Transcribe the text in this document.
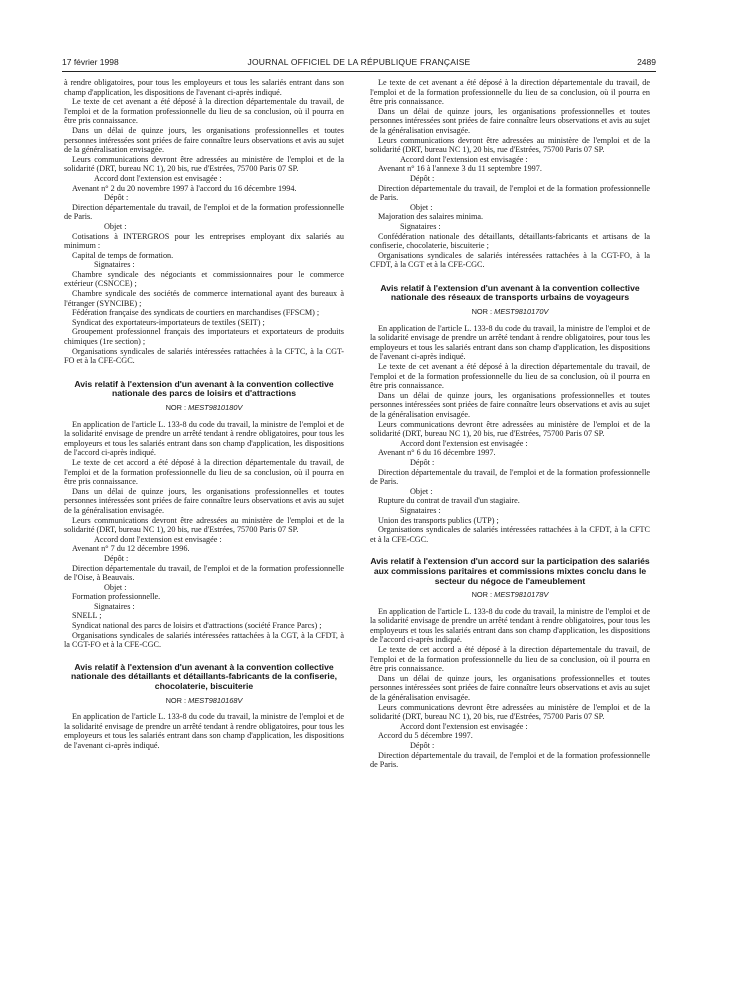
17 février 1998	JOURNAL OFFICIEL DE LA RÉPUBLIQUE FRANÇAISE	2489

à rendre obligatoires, pour tous les employeurs et tous les salariés entrant dans son champ d'application, les dispositions de l'avenant ci-après indiqué.

Le texte de cet avenant a été déposé à la direction départementale du travail, de l'emploi et de la formation professionnelle du lieu de sa conclusion, où il pourra en être pris connaissance.

Dans un délai de quinze jours, les organisations professionnelles et toutes personnes intéressées sont priées de faire connaître leurs observations et avis au sujet de la généralisation envisagée.

Leurs communications devront être adressées au ministère de l'emploi et de la solidarité (DRT, bureau NC 1), 20 bis, rue d'Estrées, 75700 Paris 07 SP.

Accord dont l'extension est envisagée :

Avenant n° 2 du 20 novembre 1997 à l'accord du 16 décembre 1994.

Dépôt :

Direction départementale du travail, de l'emploi et de la formation professionnelle de Paris.

Objet :

Cotisations à INTERGROS pour les entreprises employant dix salariés au minimum :

Capital de temps de formation.

Signataires :

Chambre syndicale des négociants et commissionnaires pour le commerce extérieur (CSNCCE) ;

Chambre syndicale des sociétés de commerce international ayant des bureaux à l'étranger (SYNCIBE) ;

Fédération française des syndicats de courtiers en marchandises (FFSCM) ;

Syndicat des exportateurs-importateurs de textiles (SEIT) ;

Groupement professionnel français des importateurs et exportateurs de produits chimiques (1re section) ;

Organisations syndicales de salariés intéressées rattachées à la CFTC, à la CGT-FO et à la CFE-CGC.

Avis relatif à l'extension d'un avenant à la convention collective nationale des parcs de loisirs et d'attractions

NOR : MEST9810180V

En application de l'article L. 133-8 du code du travail, la ministre de l'emploi et de la solidarité envisage de prendre un arrêté tendant à rendre obligatoires, pour tous les employeurs et tous les salariés entrant dans son champ d'application, les dispositions de l'accord ci-après indiqué.

Le texte de cet accord a été déposé à la direction départementale du travail, de l'emploi et de la formation professionnelle du lieu de sa conclusion, où il pourra en être pris connaissance.

Dans un délai de quinze jours, les organisations professionnelles et toutes personnes intéressées sont priées de faire connaître leurs observations et avis au sujet de la généralisation envisagée.

Leurs communications devront être adressées au ministère de l'emploi et de la solidarité (DRT, bureau NC 1), 20 bis, rue d'Estrées, 75700 Paris 07 SP.

Accord dont l'extension est envisagée :

Avenant n° 7 du 12 décembre 1996.

Dépôt :

Direction départementale du travail, de l'emploi et de la formation professionnelle de l'Oise, à Beauvais.

Objet :

Formation professionnelle.

Signataires :

SNELL ;

Syndicat national des parcs de loisirs et d'attractions (société France Parcs) ;

Organisations syndicales de salariés intéressées rattachées à la CGT, à la CFDT, à la CGT-FO et à la CFE-CGC.

Avis relatif à l'extension d'un avenant à la convention collective nationale des détaillants et détaillants-fabricants de la confiserie, chocolaterie, biscuiterie

NOR : MEST9810168V

En application de l'article L. 133-8 du code du travail, la ministre de l'emploi et de la solidarité envisage de prendre un arrêté tendant à rendre obligatoires, pour tous les employeurs et tous les salariés entrant dans son champ d'application, les dispositions de l'avenant ci-après indiqué.

Le texte de cet avenant a été déposé à la direction départementale du travail, de l'emploi et de la formation professionnelle du lieu de sa conclusion, où il pourra en être pris connaissance.

Dans un délai de quinze jours, les organisations professionnelles et toutes personnes intéressées sont priées de faire connaître leurs observations et avis au sujet de la généralisation envisagée.

Leurs communications devront être adressées au ministère de l'emploi et de la solidarité (DRT, bureau NC 1), 20 bis, rue d'Estrées, 75700 Paris 07 SP.

Accord dont l'extension est envisagée :

Avenant n° 16 à l'annexe 3 du 11 septembre 1997.

Dépôt :

Direction départementale du travail, de l'emploi et de la formation professionnelle de Paris.

Objet :

Majoration des salaires minima.

Signataires :

Confédération nationale des détaillants, détaillants-fabricants et artisans de la confiserie, chocolaterie, biscuiterie ;

Organisations syndicales de salariés intéressées rattachées à la CGT-FO, à la CFDT, à la CGT et à la CFE-CGC.

Avis relatif à l'extension d'un avenant à la convention collective nationale des réseaux de transports urbains de voyageurs

NOR : MEST9810170V

En application de l'article L. 133-8 du code du travail, la ministre de l'emploi et de la solidarité envisage de prendre un arrêté tendant à rendre obligatoires, pour tous les employeurs et tous les salariés entrant dans son champ d'application, les dispositions de l'avenant ci-après indiqué.

Le texte de cet avenant a été déposé à la direction départementale du travail, de l'emploi et de la formation professionnelle du lieu de sa conclusion, où il pourra en être pris connaissance.

Dans un délai de quinze jours, les organisations professionnelles et toutes personnes intéressées sont priées de faire connaître leurs observations et avis au sujet de la généralisation envisagée.

Leurs communications devront être adressées au ministère de l'emploi et de la solidarité (DRT, bureau NC 1), 20 bis, rue d'Estrées, 75700 Paris 07 SP.

Accord dont l'extension est envisagée :

Avenant n° 6 du 16 décembre 1997.

Dépôt :

Direction départementale du travail, de l'emploi et de la formation professionnelle de Paris.

Objet :

Rupture du contrat de travail d'un stagiaire.

Signataires :

Union des transports publics (UTP) ;

Organisations syndicales de salariés intéressées rattachées à la CFDT, à la CFTC et à la CFE-CGC.

Avis relatif à l'extension d'un accord sur la participation des salariés aux commissions paritaires et commissions mixtes conclu dans le secteur du négoce de l'ameublement

NOR : MEST9810178V

En application de l'article L. 133-8 du code du travail, la ministre de l'emploi et de la solidarité envisage de prendre un arrêté tendant à rendre obligatoires, pour tous les employeurs et tous les salariés entrant dans son champ d'application, les dispositions de l'accord ci-après indiqué.

Le texte de cet accord a été déposé à la direction départementale du travail, de l'emploi et de la formation professionnelle du lieu de sa conclusion, où il pourra en être pris connaissance.

Dans un délai de quinze jours, les organisations professionnelles et toutes personnes intéressées sont priées de faire connaître leurs observations et avis au sujet de la généralisation envisagée.

Leurs communications devront être adressées au ministère de l'emploi et de la solidarité (DRT, bureau NC 1), 20 bis, rue d'Estrées, 75700 Paris 07 SP.

Accord dont l'extension est envisagée :

Accord du 5 décembre 1997.

Dépôt :

Direction départementale du travail, de l'emploi et de la formation professionnelle de Paris.
